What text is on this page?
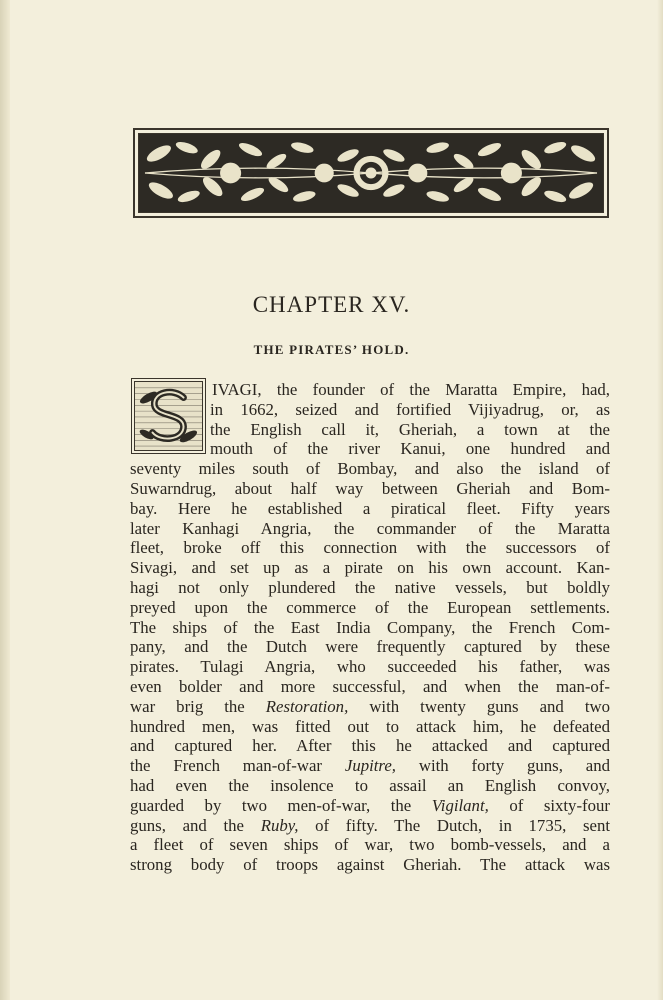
CHAPTER XV.
THE PIRATES’ HOLD.
IVAGI, the founder of the Maratta Empire, had,
in 1662, seized and fortified Vijiyadrug, or, as
the English call it, Gheriah, a town at the
mouth of the river Kanui, one hundred and
seventy miles south of Bombay, and also the island of
Suwarndrug, about half way between Gheriah and Bom-
bay. Here he established a piratical fleet. Fifty years
later Kanhagi Angria, the commander of the Maratta
fleet, broke off this connection with the successors of
Sivagi, and set up as a pirate on his own account. Kan-
hagi not only plundered the native vessels, but boldly
preyed upon the commerce of the European settlements.
The ships of the East India Company, the French Com-
pany, and the Dutch were frequently captured by these
pirates. Tulagi Angria, who succeeded his father, was
even bolder and more successful, and when the man-of-
war brig the Restoration, with twenty guns and two
hundred men, was fitted out to attack him, he defeated
and captured her. After this he attacked and captured
the French man-of-war Jupitre, with forty guns, and
had even the insolence to assail an English convoy,
guarded by two men-of-war, the Vigilant, of sixty-four
guns, and the Ruby, of fifty. The Dutch, in 1735, sent
a fleet of seven ships of war, two bomb-vessels, and a
strong body of troops against Gheriah. The attack was
